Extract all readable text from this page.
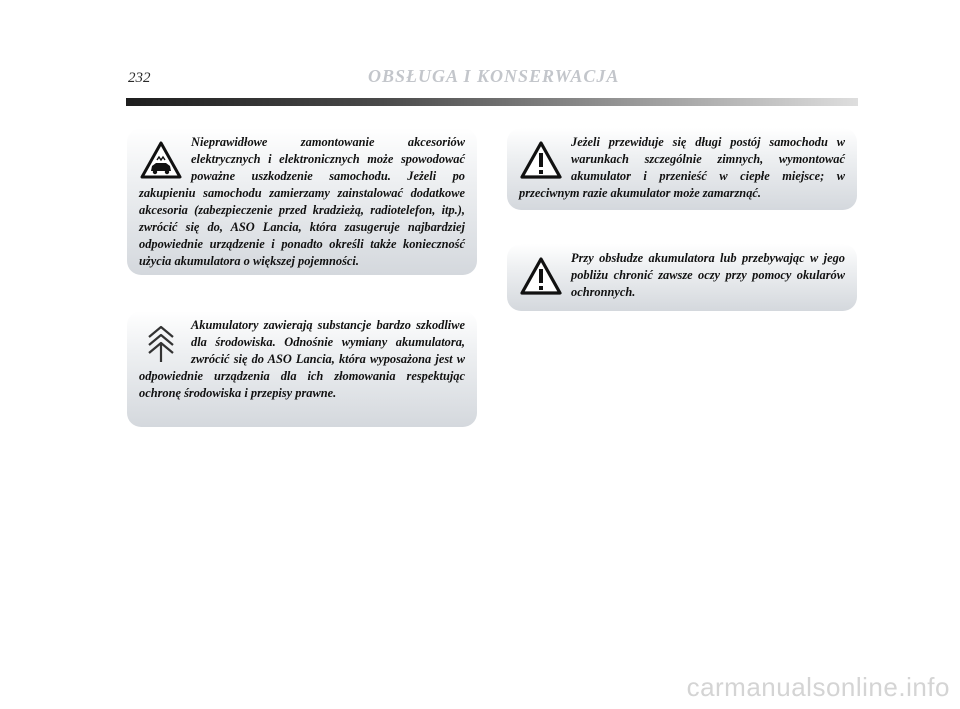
232	OBSŁUGA I KONSERWACJA

Nieprawidłowe zamontowanie akcesoriów elektrycznych i elektronicznych może spowodować poważne uszkodzenie samochodu. Jeżeli po zakupieniu samochodu zamierzamy zainstalować dodatkowe akcesoria (zabezpieczenie przed kradzieżą, radiotelefon, itp.), zwrócić się do, ASO Lancia, która zasugeruje najbardziej odpowiednie urządzenie i ponadto określi także konieczność użycia akumulatora o większej pojemności.

Akumulatory zawierają substancje bardzo szkodliwe dla środowiska. Odnośnie wymiany akumulatora, zwrócić się do ASO Lancia, która wyposażona jest w odpowiednie urządzenia dla ich złomowania respektując ochronę środowiska i przepisy prawne.

Jeżeli przewiduje się długi postój samochodu w warunkach szczególnie zimnych, wymontować akumulator i przenieść w ciepłe miejsce; w przeciwnym razie akumulator może zamarznąć.

Przy obsłudze akumulatora lub przebywając w jego pobliżu chronić zawsze oczy przy pomocy okularów ochronnych.

carmanualsonline.info
